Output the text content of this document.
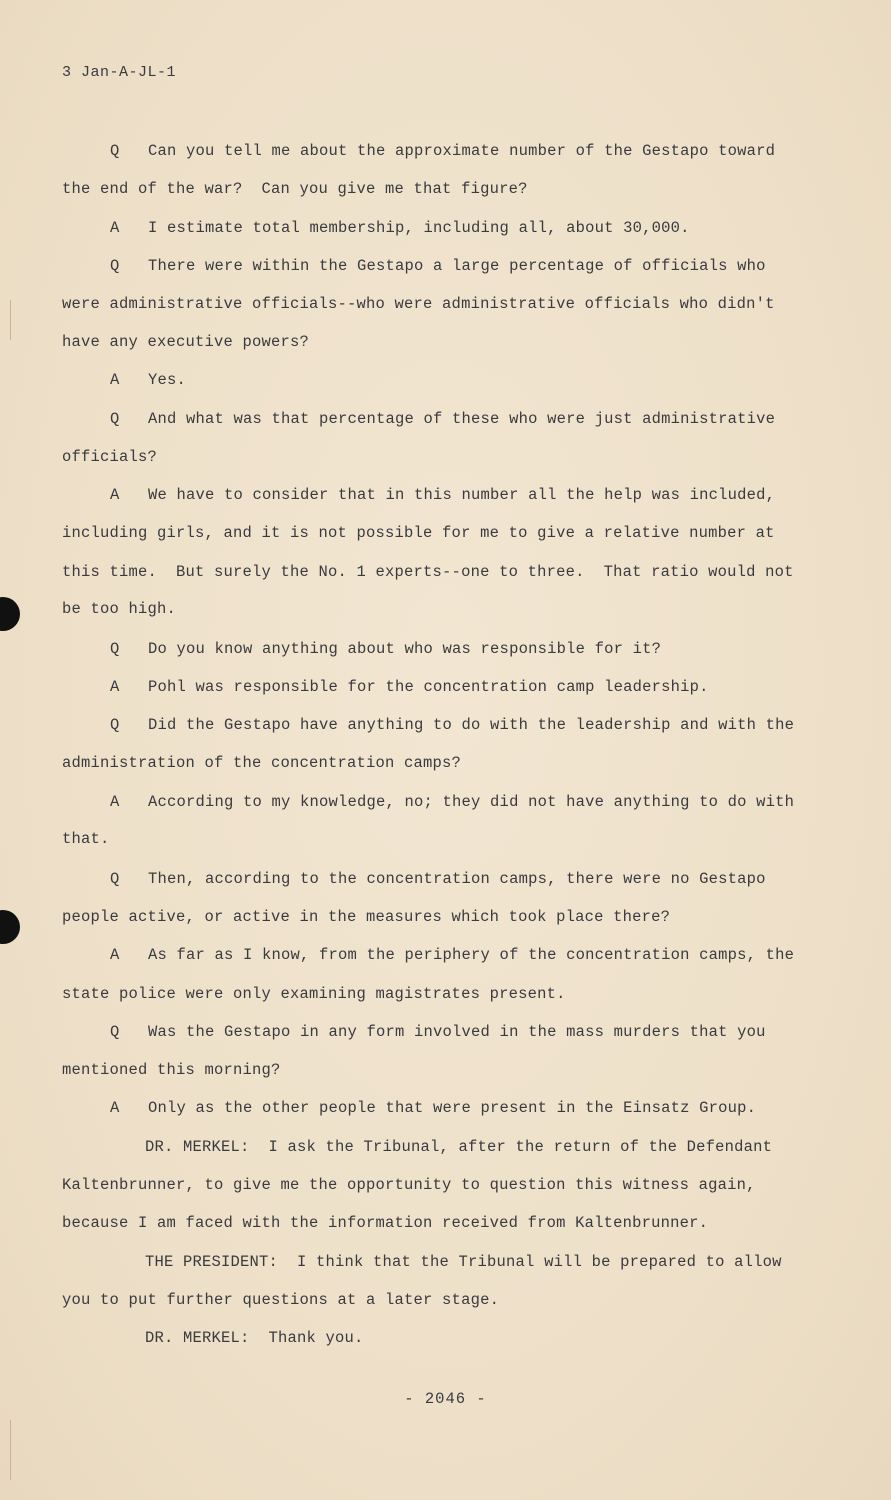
3 Jan-A-JL-1
Q   Can you tell me about the approximate number of the Gestapo toward
the end of the war?  Can you give me that figure?
A   I estimate total membership, including all, about 30,000.
Q   There were within the Gestapo a large percentage of officials who
were administrative officials--who were administrative officials who didn't
have any executive powers?
A   Yes.
Q   And what was that percentage of these who were just administrative
officials?
A   We have to consider that in this number all the help was included,
including girls, and it is not possible for me to give a relative number at
this time.  But surely the No. 1 experts--one to three.  That ratio would not
be too high.
Q   Do you know anything about who was responsible for it?
A   Pohl was responsible for the concentration camp leadership.
Q   Did the Gestapo have anything to do with the leadership and with the
administration of the concentration camps?
A   According to my knowledge, no; they did not have anything to do with
that.
Q   Then, according to the concentration camps, there were no Gestapo
people active, or active in the measures which took place there?
A   As far as I know, from the periphery of the concentration camps, the
state police were only examining magistrates present.
Q   Was the Gestapo in any form involved in the mass murders that you
mentioned this morning?
A   Only as the other people that were present in the Einsatz Group.
DR. MERKEL:  I ask the Tribunal, after the return of the Defendant
Kaltenbrunner, to give me the opportunity to question this witness again,
because I am faced with the information received from Kaltenbrunner.
THE PRESIDENT:  I think that the Tribunal will be prepared to allow
you to put further questions at a later stage.
DR. MERKEL:  Thank you.
- 2046 -
